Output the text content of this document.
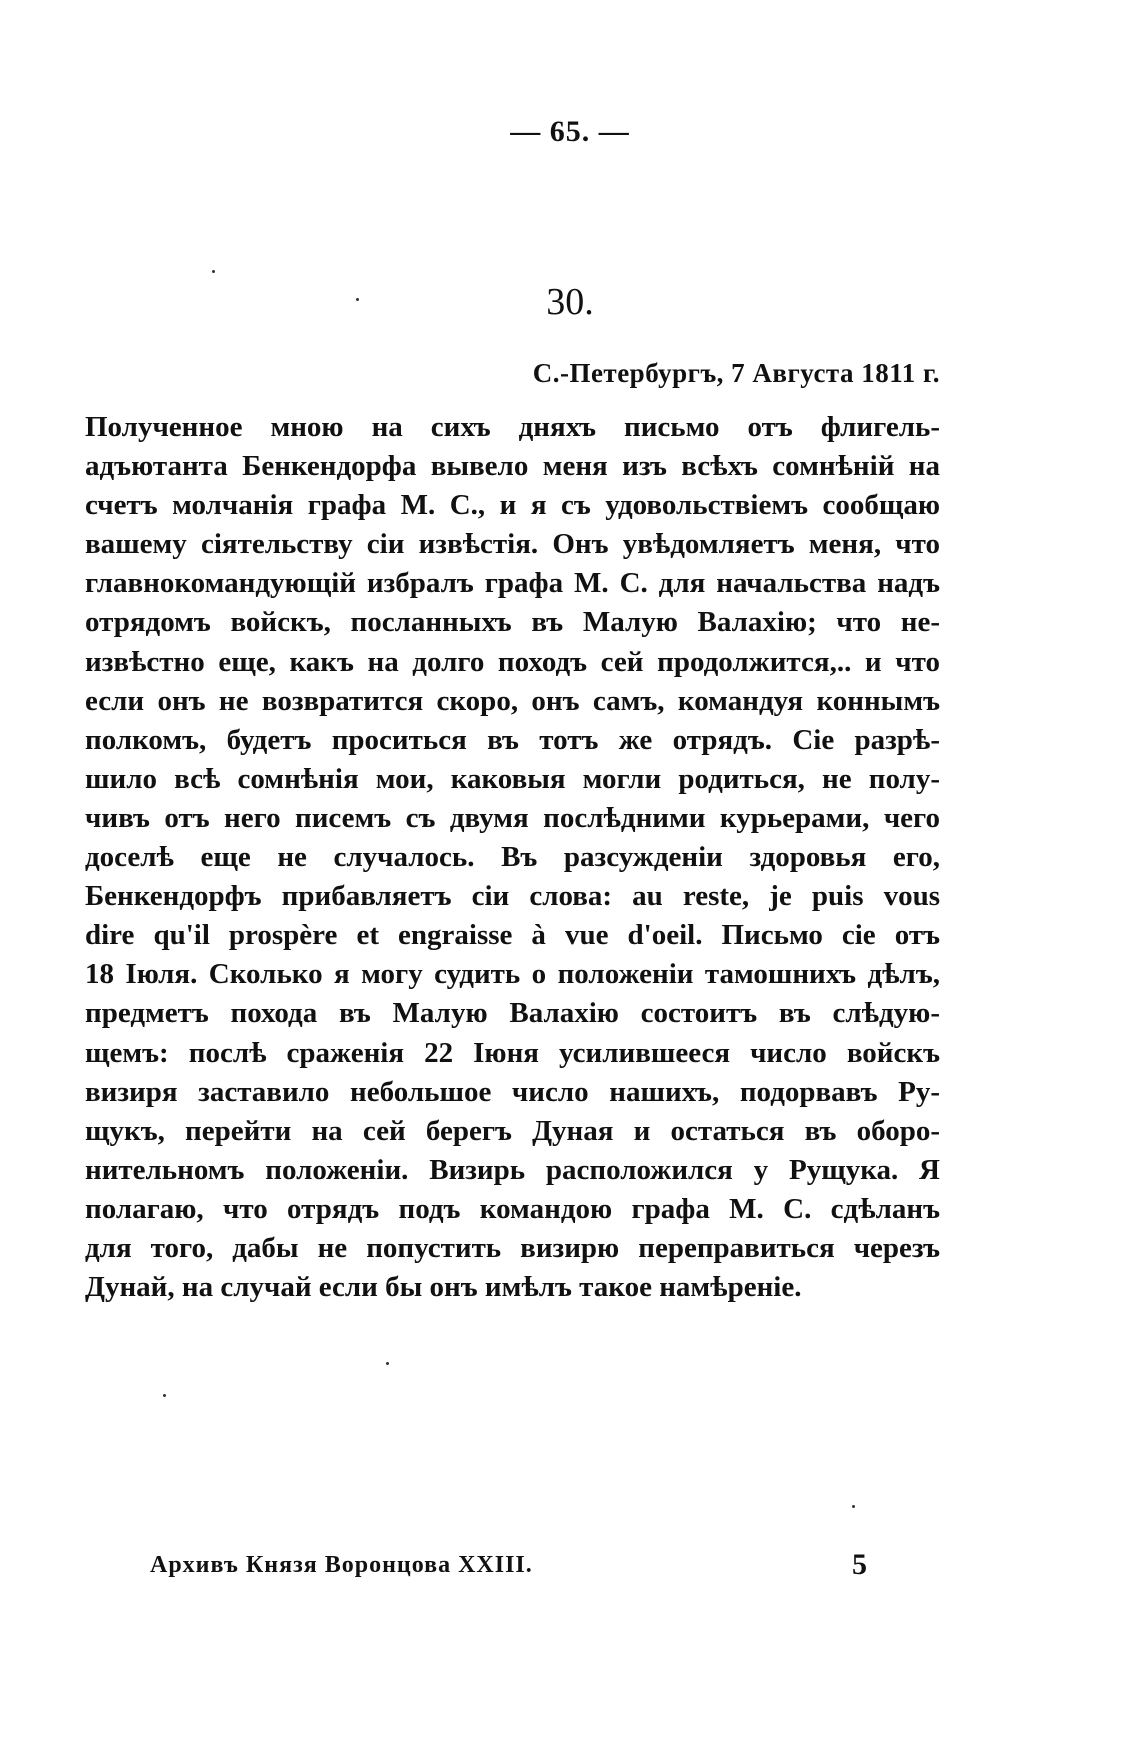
— 65. —
30.
С.-Петербургъ, 7 Августа 1811 г.
Полученное мною на сихъ дняхъ письмо отъ флигель-
адъютанта Бенкендорфа вывело меня изъ всѣхъ сомнѣній на
счетъ молчанія графа М. С., и я съ удовольствіемъ сообщаю
вашему сіятельству сіи извѣстія. Онъ увѣдомляетъ меня, что
главнокомандующій избралъ графа М. С. для начальства надъ
отрядомъ войскъ, посланныхъ въ Малую Валахію; что не-
извѣстно еще, какъ на долго походъ сей продолжится,.. и что
если онъ не возвратится скоро, онъ самъ, командуя коннымъ
полкомъ, будетъ проситься въ тотъ же отрядъ. Сіе разрѣ-
шило всѣ сомнѣнія мои, каковыя могли родиться, не полу-
чивъ отъ него писемъ съ двумя послѣдними курьерами, чего
доселѣ еще не случалось. Въ разсужденіи здоровья его,
Бенкендорфъ прибавляетъ сіи слова: au reste, je puis vous
dire qu'il prospère et engraisse à vue d'oeil. Письмо сіе отъ
18 Іюля. Сколько я могу судить о положеніи тамошнихъ дѣлъ,
предметъ похода въ Малую Валахію состоитъ въ слѣдую-
щемъ: послѣ сраженія 22 Іюня усилившееся число войскъ
визиря заставило небольшое число нашихъ, подорвавъ Ру-
щукъ, перейти на сей берегъ Дуная и остаться въ оборо-
нительномъ положеніи. Визирь расположился у Рущука. Я
полагаю, что отрядъ подъ командою графа М. С. сдѣланъ
для того, дабы не попустить визирю переправиться черезъ
Дунай, на случай если бы онъ имѣлъ такое намѣреніе.
Архивъ Князя Воронцова XXIII.	5
